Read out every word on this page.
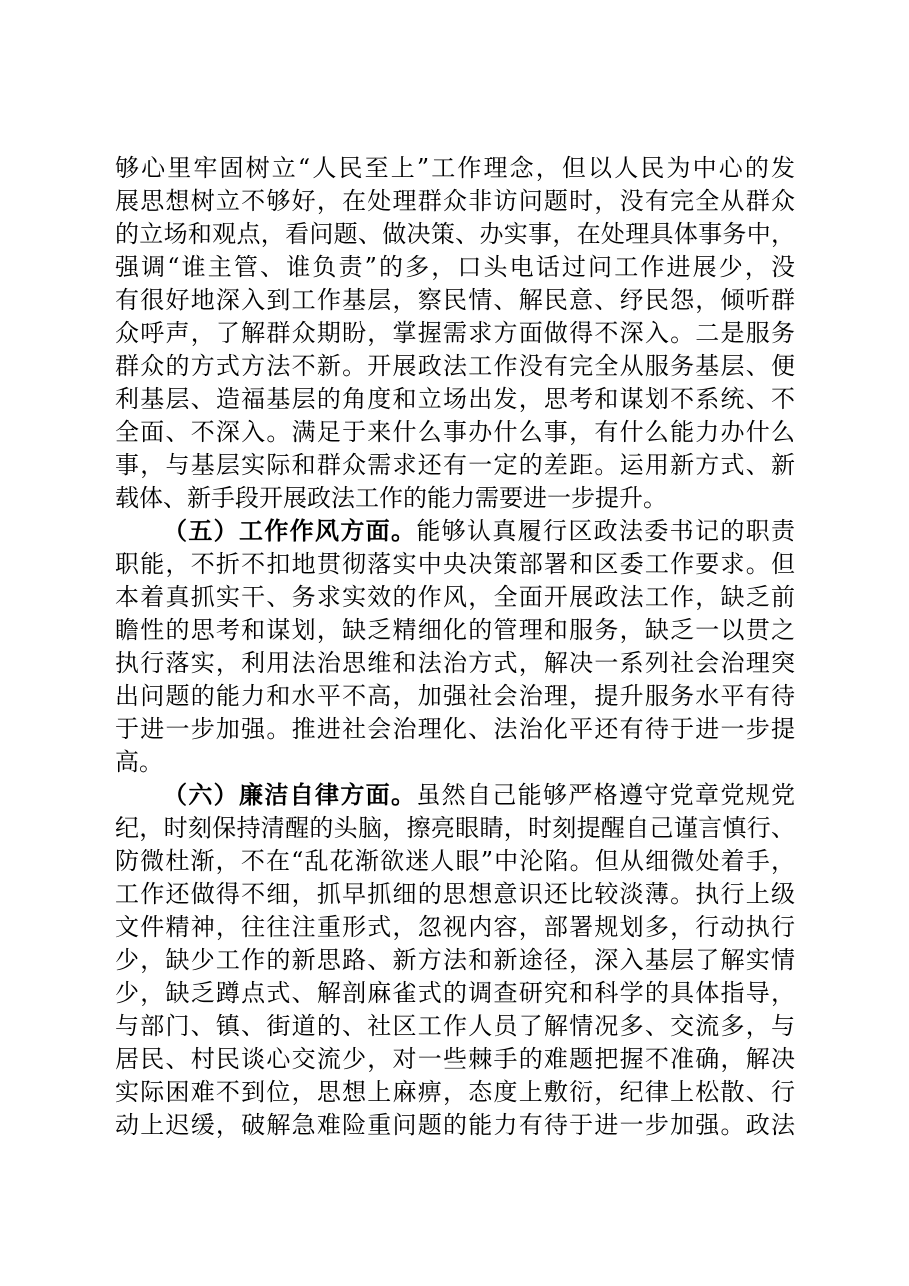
够心里牢固树立“人民至上”工作理念，但以人民为中心的发
展思想树立不够好，在处理群众非访问题时，没有完全从群众
的立场和观点，看问题、做决策、办实事，在处理具体事务中，
强调“谁主管、谁负责”的多，口头电话过问工作进展少，没
有很好地深入到工作基层，察民情、解民意、纾民怨，倾听群
众呼声，了解群众期盼，掌握需求方面做得不深入。二是服务
群众的方式方法不新。开展政法工作没有完全从服务基层、便
利基层、造福基层的角度和立场出发，思考和谋划不系统、不
全面、不深入。满足于来什么事办什么事，有什么能力办什么
事，与基层实际和群众需求还有一定的差距。运用新方式、新
载体、新手段开展政法工作的能力需要进一步提升。
（五）工作作风方面。能够认真履行区政法委书记的职责
职能，不折不扣地贯彻落实中央决策部署和区委工作要求。但
本着真抓实干、务求实效的作风，全面开展政法工作，缺乏前
瞻性的思考和谋划，缺乏精细化的管理和服务，缺乏一以贯之
执行落实，利用法治思维和法治方式，解决一系列社会治理突
出问题的能力和水平不高，加强社会治理，提升服务水平有待
于进一步加强。推进社会治理化、法治化平还有待于进一步提
高。
（六）廉洁自律方面。虽然自己能够严格遵守党章党规党
纪，时刻保持清醒的头脑，擦亮眼睛，时刻提醒自己谨言慎行、
防微杜渐，不在“乱花渐欲迷人眼”中沦陷。但从细微处着手，
工作还做得不细，抓早抓细的思想意识还比较淡薄。执行上级
文件精神，往往注重形式，忽视内容，部署规划多，行动执行
少，缺少工作的新思路、新方法和新途径，深入基层了解实情
少，缺乏蹲点式、解剖麻雀式的调查研究和科学的具体指导，
与部门、镇、街道的、社区工作人员了解情况多、交流多，与
居民、村民谈心交流少，对一些棘手的难题把握不准确，解决
实际困难不到位，思想上麻痹，态度上敷衍，纪律上松散、行
动上迟缓，破解急难险重问题的能力有待于进一步加强。政法
